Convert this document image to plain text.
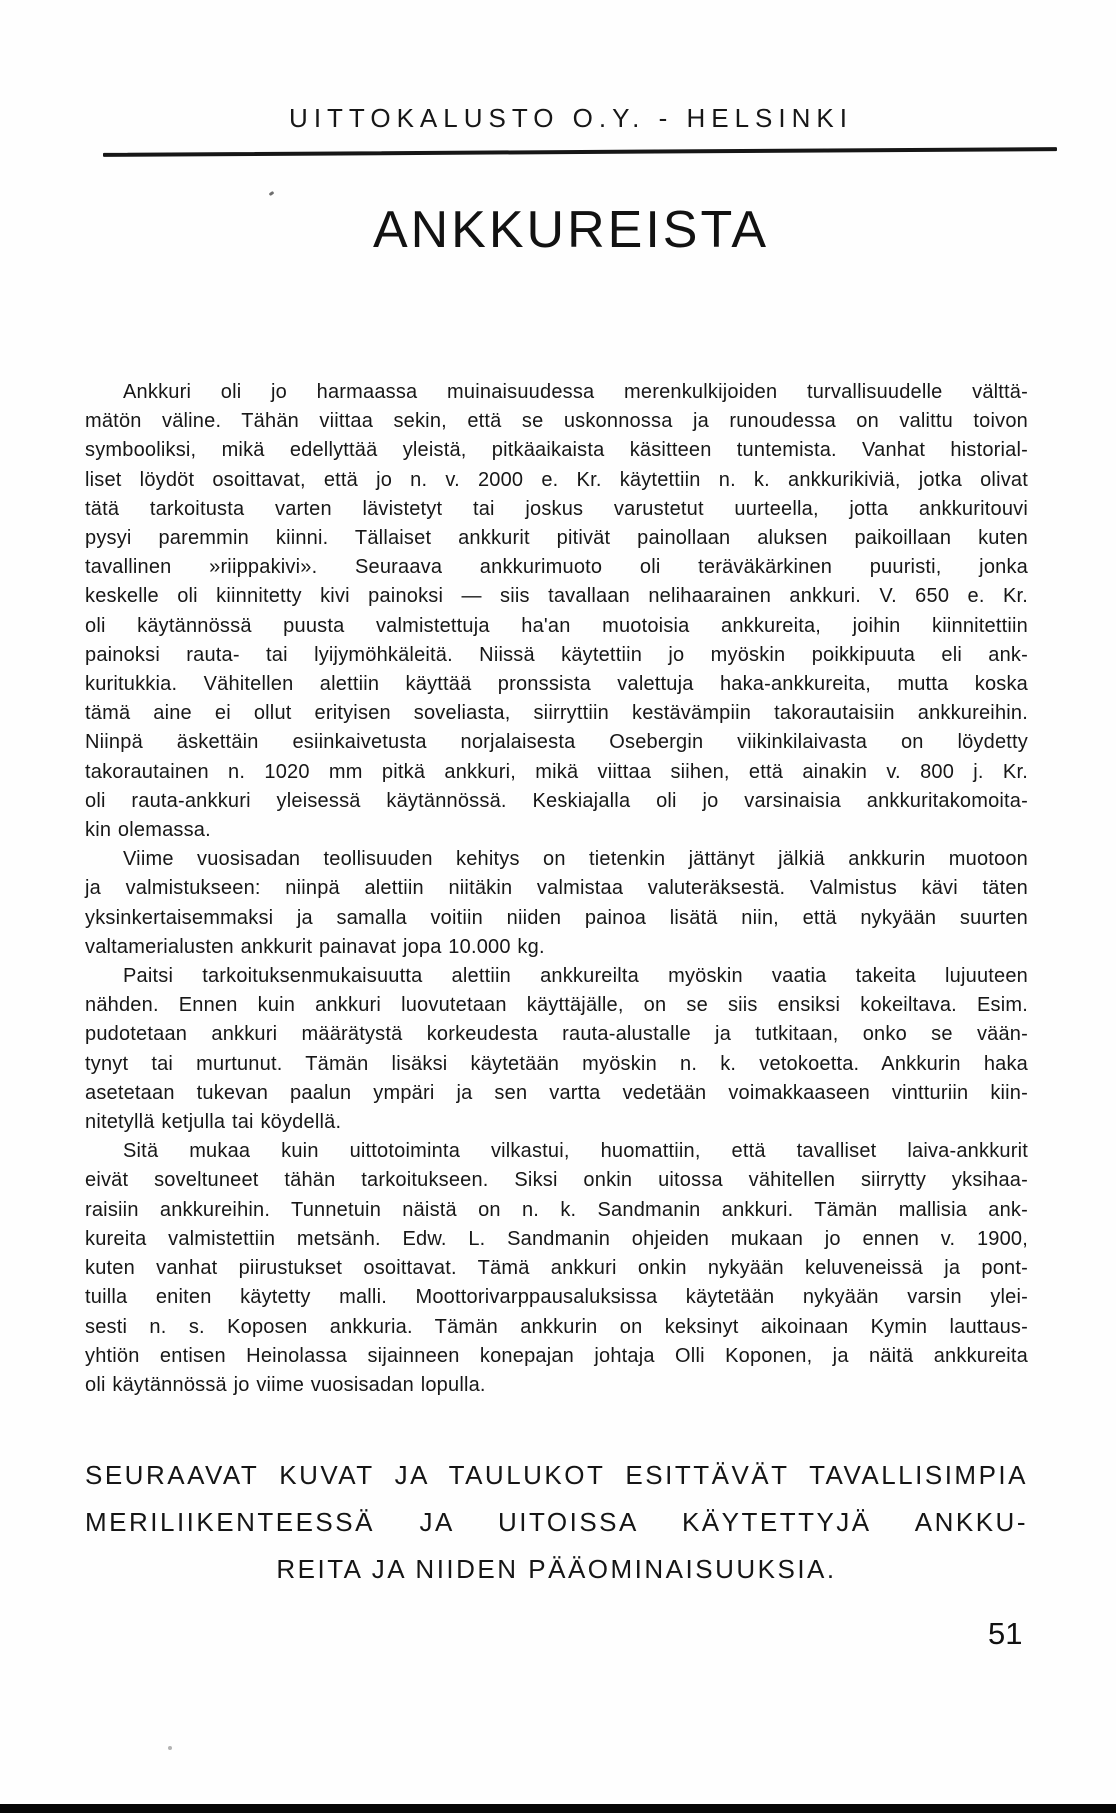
UITTOKALUSTO O.Y. - HELSINKI
ANKKUREISTA
Ankkuri oli jo harmaassa muinaisuudessa merenkulkijoiden turvallisuudelle välttä-
mätön väline. Tähän viittaa sekin, että se uskonnossa ja runoudessa on valittu toivon
symbooliksi, mikä edellyttää yleistä, pitkäaikaista käsitteen tuntemista. Vanhat historial-
liset löydöt osoittavat, että jo n. v. 2000 e. Kr. käytettiin n. k. ankkurikiviä, jotka olivat
tätä tarkoitusta varten lävistetyt tai joskus varustetut uurteella, jotta ankkuritouvi
pysyi paremmin kiinni. Tällaiset ankkurit pitivät painollaan aluksen paikoillaan kuten
tavallinen »riippakivi». Seuraava ankkurimuoto oli teräväkärkinen puuristi, jonka
keskelle oli kiinnitetty kivi painoksi — siis tavallaan nelihaarainen ankkuri. V. 650 e. Kr.
oli käytännössä puusta valmistettuja ha'an muotoisia ankkureita, joihin kiinnitettiin
painoksi rauta- tai lyijymöhkäleitä. Niissä käytettiin jo myöskin poikkipuuta eli ank-
kuritukkia. Vähitellen alettiin käyttää pronssista valettuja haka-ankkureita, mutta koska
tämä aine ei ollut erityisen soveliasta, siirryttiin kestävämpiin takorautaisiin ankkureihin.
Niinpä äskettäin esiinkaivetusta norjalaisesta Osebergin viikinkilaivasta on löydetty
takorautainen n. 1020 mm pitkä ankkuri, mikä viittaa siihen, että ainakin v. 800 j. Kr.
oli rauta-ankkuri yleisessä käytännössä. Keskiajalla oli jo varsinaisia ankkuritakomoita-
kin olemassa.
Viime vuosisadan teollisuuden kehitys on tietenkin jättänyt jälkiä ankkurin muotoon
ja valmistukseen: niinpä alettiin niitäkin valmistaa valuteräksestä. Valmistus kävi täten
yksinkertaisemmaksi ja samalla voitiin niiden painoa lisätä niin, että nykyään suurten
valtamerialusten ankkurit painavat jopa 10.000 kg.
Paitsi tarkoituksenmukaisuutta alettiin ankkureilta myöskin vaatia takeita lujuuteen
nähden. Ennen kuin ankkuri luovutetaan käyttäjälle, on se siis ensiksi kokeiltava. Esim.
pudotetaan ankkuri määrätystä korkeudesta rauta-alustalle ja tutkitaan, onko se vään-
tynyt tai murtunut. Tämän lisäksi käytetään myöskin n. k. vetokoetta. Ankkurin haka
asetetaan tukevan paalun ympäri ja sen vartta vedetään voimakkaaseen vintturiin kiin-
nitetyllä ketjulla tai köydellä.
Sitä mukaa kuin uittotoiminta vilkastui, huomattiin, että tavalliset laiva-ankkurit
eivät soveltuneet tähän tarkoitukseen. Siksi onkin uitossa vähitellen siirrytty yksihaa-
raisiin ankkureihin. Tunnetuin näistä on n. k. Sandmanin ankkuri. Tämän mallisia ank-
kureita valmistettiin metsänh. Edw. L. Sandmanin ohjeiden mukaan jo ennen v. 1900,
kuten vanhat piirustukset osoittavat. Tämä ankkuri onkin nykyään keluveneissä ja pont-
tuilla eniten käytetty malli. Moottorivarppausaluksissa käytetään nykyään varsin ylei-
sesti n. s. Koposen ankkuria. Tämän ankkurin on keksinyt aikoinaan Kymin lauttaus-
yhtiön entisen Heinolassa sijainneen konepajan johtaja Olli Koponen, ja näitä ankkureita
oli käytännössä jo viime vuosisadan lopulla.
SEURAAVAT KUVAT JA TAULUKOT ESITTÄVÄT TAVALLISIMPIA
MERILIIKENTEESSÄ JA UITOISSA KÄYTETTYJÄ ANKKU-
REITA JA NIIDEN PÄÄOMINAISUUKSIA.
51
